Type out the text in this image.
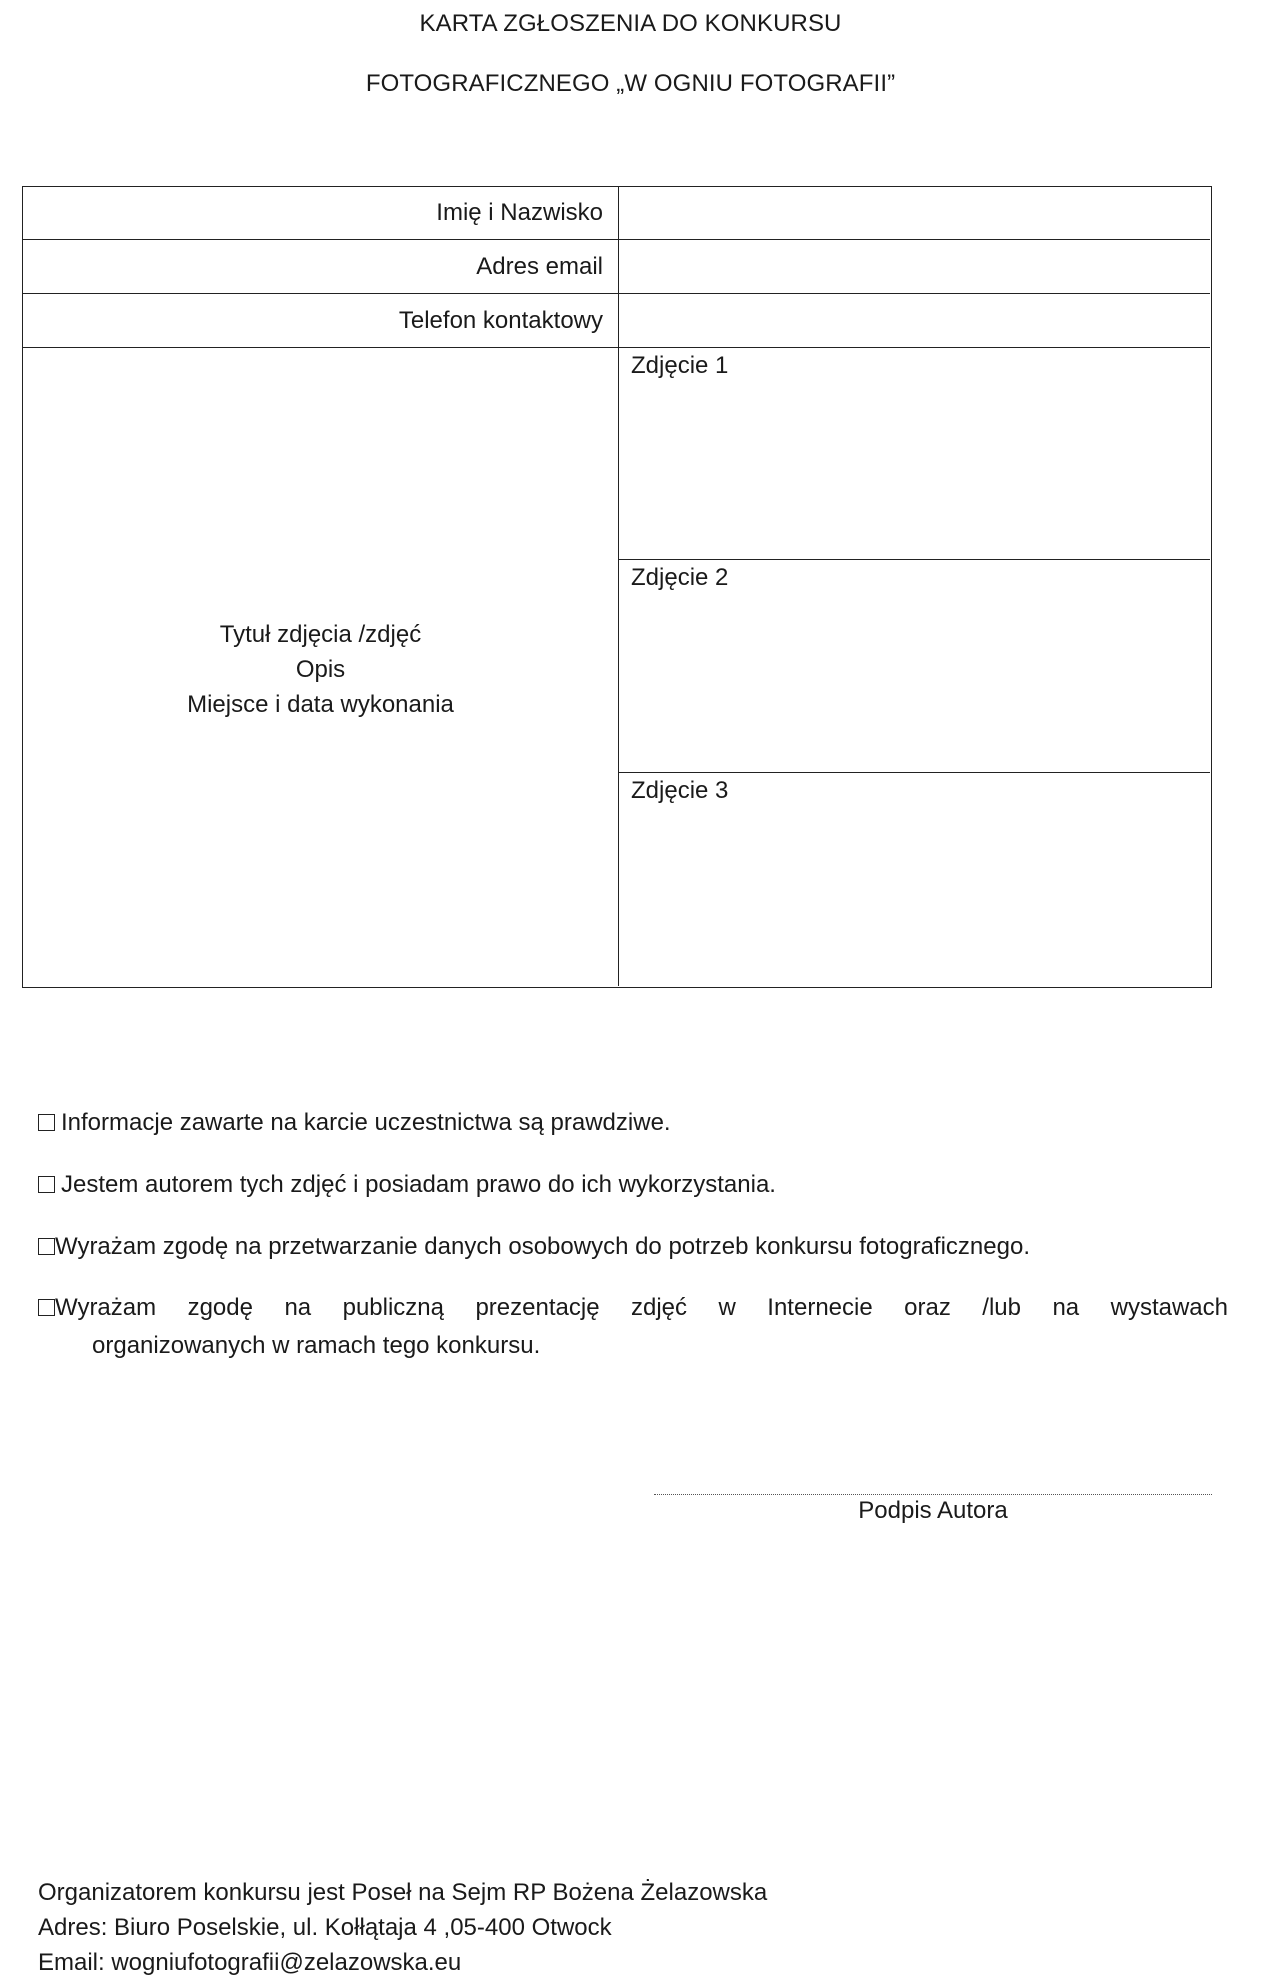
KARTA ZGŁOSZENIA DO KONKURSU
FOTOGRAFICZNEGO „W OGNIU FOTOGRAFII”
Imię i Nazwisko
Adres email
Telefon kontaktowy
Tytuł zdjęcia /zdjęć
Opis
Miejsce i data wykonania
Zdjęcie 1
Zdjęcie 2
Zdjęcie 3
Informacje zawarte na karcie uczestnictwa są prawdziwe.
Jestem autorem tych zdjęć i posiadam prawo do ich wykorzystania.
Wyrażam zgodę na przetwarzanie danych osobowych do potrzeb konkursu fotograficznego.
Wyrażam zgodę na publiczną prezentację zdjęć w Internecie oraz /lub na wystawach
organizowanych w ramach tego konkursu.
Podpis Autora
Organizatorem konkursu jest Poseł na Sejm RP Bożena Żelazowska
Adres: Biuro Poselskie, ul. Kołłątaja 4 ,05-400 Otwock
Email: wogniufotografii@zelazowska.eu
